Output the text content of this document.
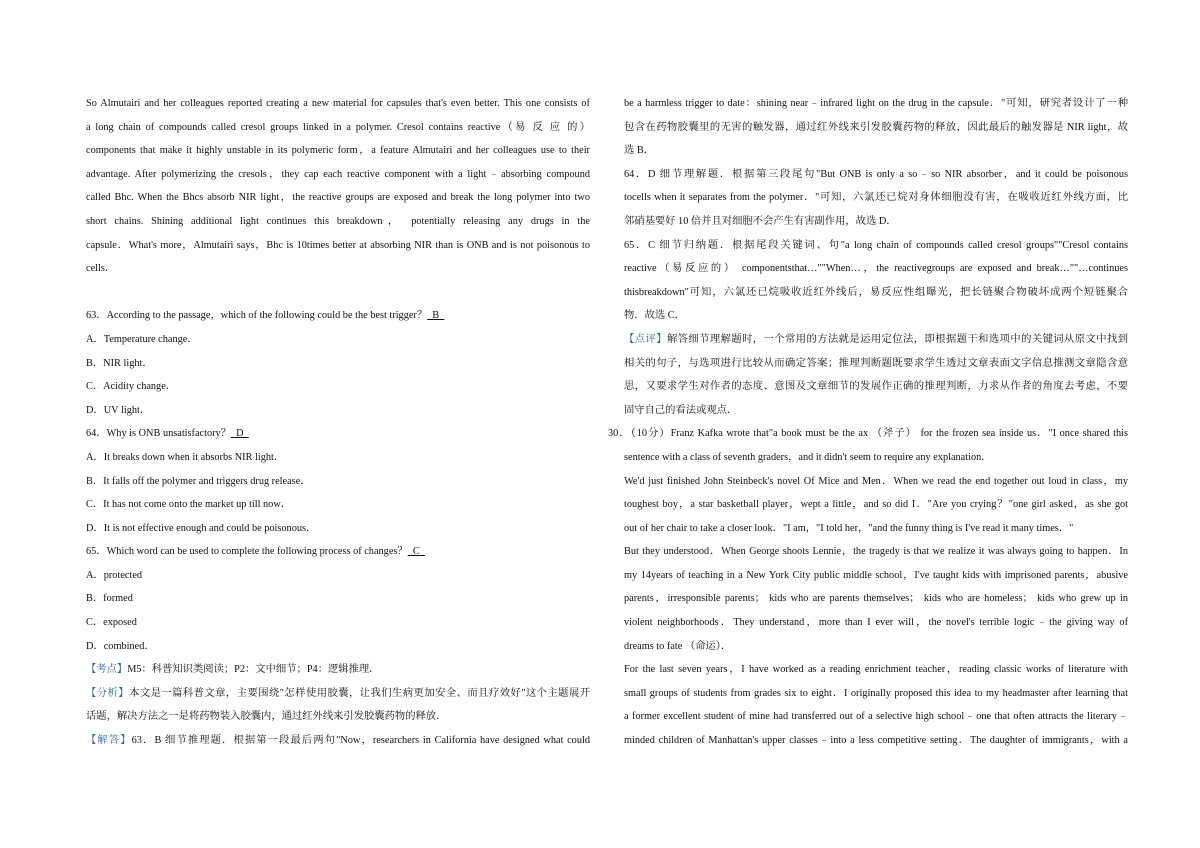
So Almutairi and her colleagues reported creating a new material for capsules that's even better. This one consists of
a long chain of compounds called cresol groups linked in a polymer. Cresol contains reactive（易 反 应 的）
components that make it highly unstable in its polymeric form，a feature Almutairi and her colleagues use to their
advantage. After polymerizing the cresols，they cap each reactive component with a light﹣absorbing compound
called Bhc. When the Bhcs absorb NIR light，the reactive groups are exposed and break the long polymer into two
short chains. Shining additional light continues this breakdown， potentially releasing any drugs in the
capsule．What's more，Almutairi says，Bhc is 10times better at absorbing NIR than is ONB and is not poisonous to
cells．

63．According to the passage，which of the following could be the best trigger？  B
A．Temperature change．
B．NIR light．
C．Acidity change．
D．UV light．
64．Why is ONB unsatisfactory？  D
A．It breaks down when it absorbs NIR light．
B．It falls off the polymer and triggers drug release．
C．It has not come onto the market up till now．
D．It is not effective enough and could be poisonous．
65．Which word can be used to complete the following process of changes？  C
A．protected
B．formed
C．exposed
D．combined．
【考点】M5：科普知识类阅读；P2：文中细节；P4：逻辑推理．
【分析】本文是一篇科普文章，主要围绕"怎样使用胶囊，让我们生病更加安全、而且疗效好"这个主题展开
话题，解决方法之一是将药物装入胶囊内，通过红外线来引发胶囊药物的释放．
【解答】63．B 细节推理题．根据第一段最后两句"Now，researchers in California have designed what could
be a harmless trigger to date：shining near﹣infrared light on the drug in the capsule．"可知，研究者设计了一种
包含在药物胶囊里的无害的触发器，通过红外线来引发胶囊药物的释放，因此最后的触发器是 NIR light，故
选 B．
64．D 细节理解题．根据第三段尾句"But ONB is only a so﹣so NIR absorber，and it could be poisonous
tocells when it separates from the polymer．"可知，六氯还已烷对身体细胞没有害，在吸收近红外线方面，比
邻硝基要好 10 倍并且对细胞不会产生有害副作用，故选 D．
65．C 细节归纳题．根据尾段关键词、句"a long chain of compounds called cresol groups""Cresol contains
reactive（易反应的） componentsthat…""When…，the reactivegroups are exposed and break…""…continues
thisbreakdown"可知，六氯还已烷吸收近红外线后，易反应性组曝光，把长链聚合物破坏成两个短链聚合
物．故选 C．
【点评】解答细节理解题时，一个常用的方法就是运用定位法，即根据题干和选项中的关键词从原文中找到
相关的句子，与选项进行比较从而确定答案；推理判断题既要求学生透过文章表面文字信息推测文章隐含意
思，又要求学生对作者的态度、意图及文章细节的发展作正确的推理判断，力求从作者的角度去考虑，不要
固守自己的看法或观点．
30．（10分）Franz Kafka wrote that"a book must be the ax （斧子） for the frozen sea inside us．"I once shared this
sentence with a class of seventh graders，and it didn't seem to require any explanation．
We'd just finished John Steinbeck's novel Of Mice and Men．When we read the end together out loud in class，my
toughest boy，a star basketball player，wept a little，and so did I．"Are you crying？"one girl asked，as she got
out of her chair to take a closer look．"I am，"I told her，"and the funny thing is I've read it many times．"
But they understood．When George shoots Lennie，the tragedy is that we realize it was always going to happen．In
my 14years of teaching in a New York City public middle school，I've taught kids with imprisoned parents，abusive
parents，irresponsible parents； kids who are parents themselves； kids who are homeless； kids who grew up in
violent neighborhoods．They understand，more than I ever will，the novel's terrible logic﹣the giving way of
dreams to fate （命运）．
For the last seven years，I have worked as a reading enrichment teacher，reading classic works of literature with
small groups of students from grades six to eight．I originally proposed this idea to my headmaster after learning that
a former excellent student of mine had transferred out of a selective high school﹣one that often attracts the literary﹣
minded children of Manhattan's upper classes﹣into a less competitive setting．The daughter of immigrants，with a
